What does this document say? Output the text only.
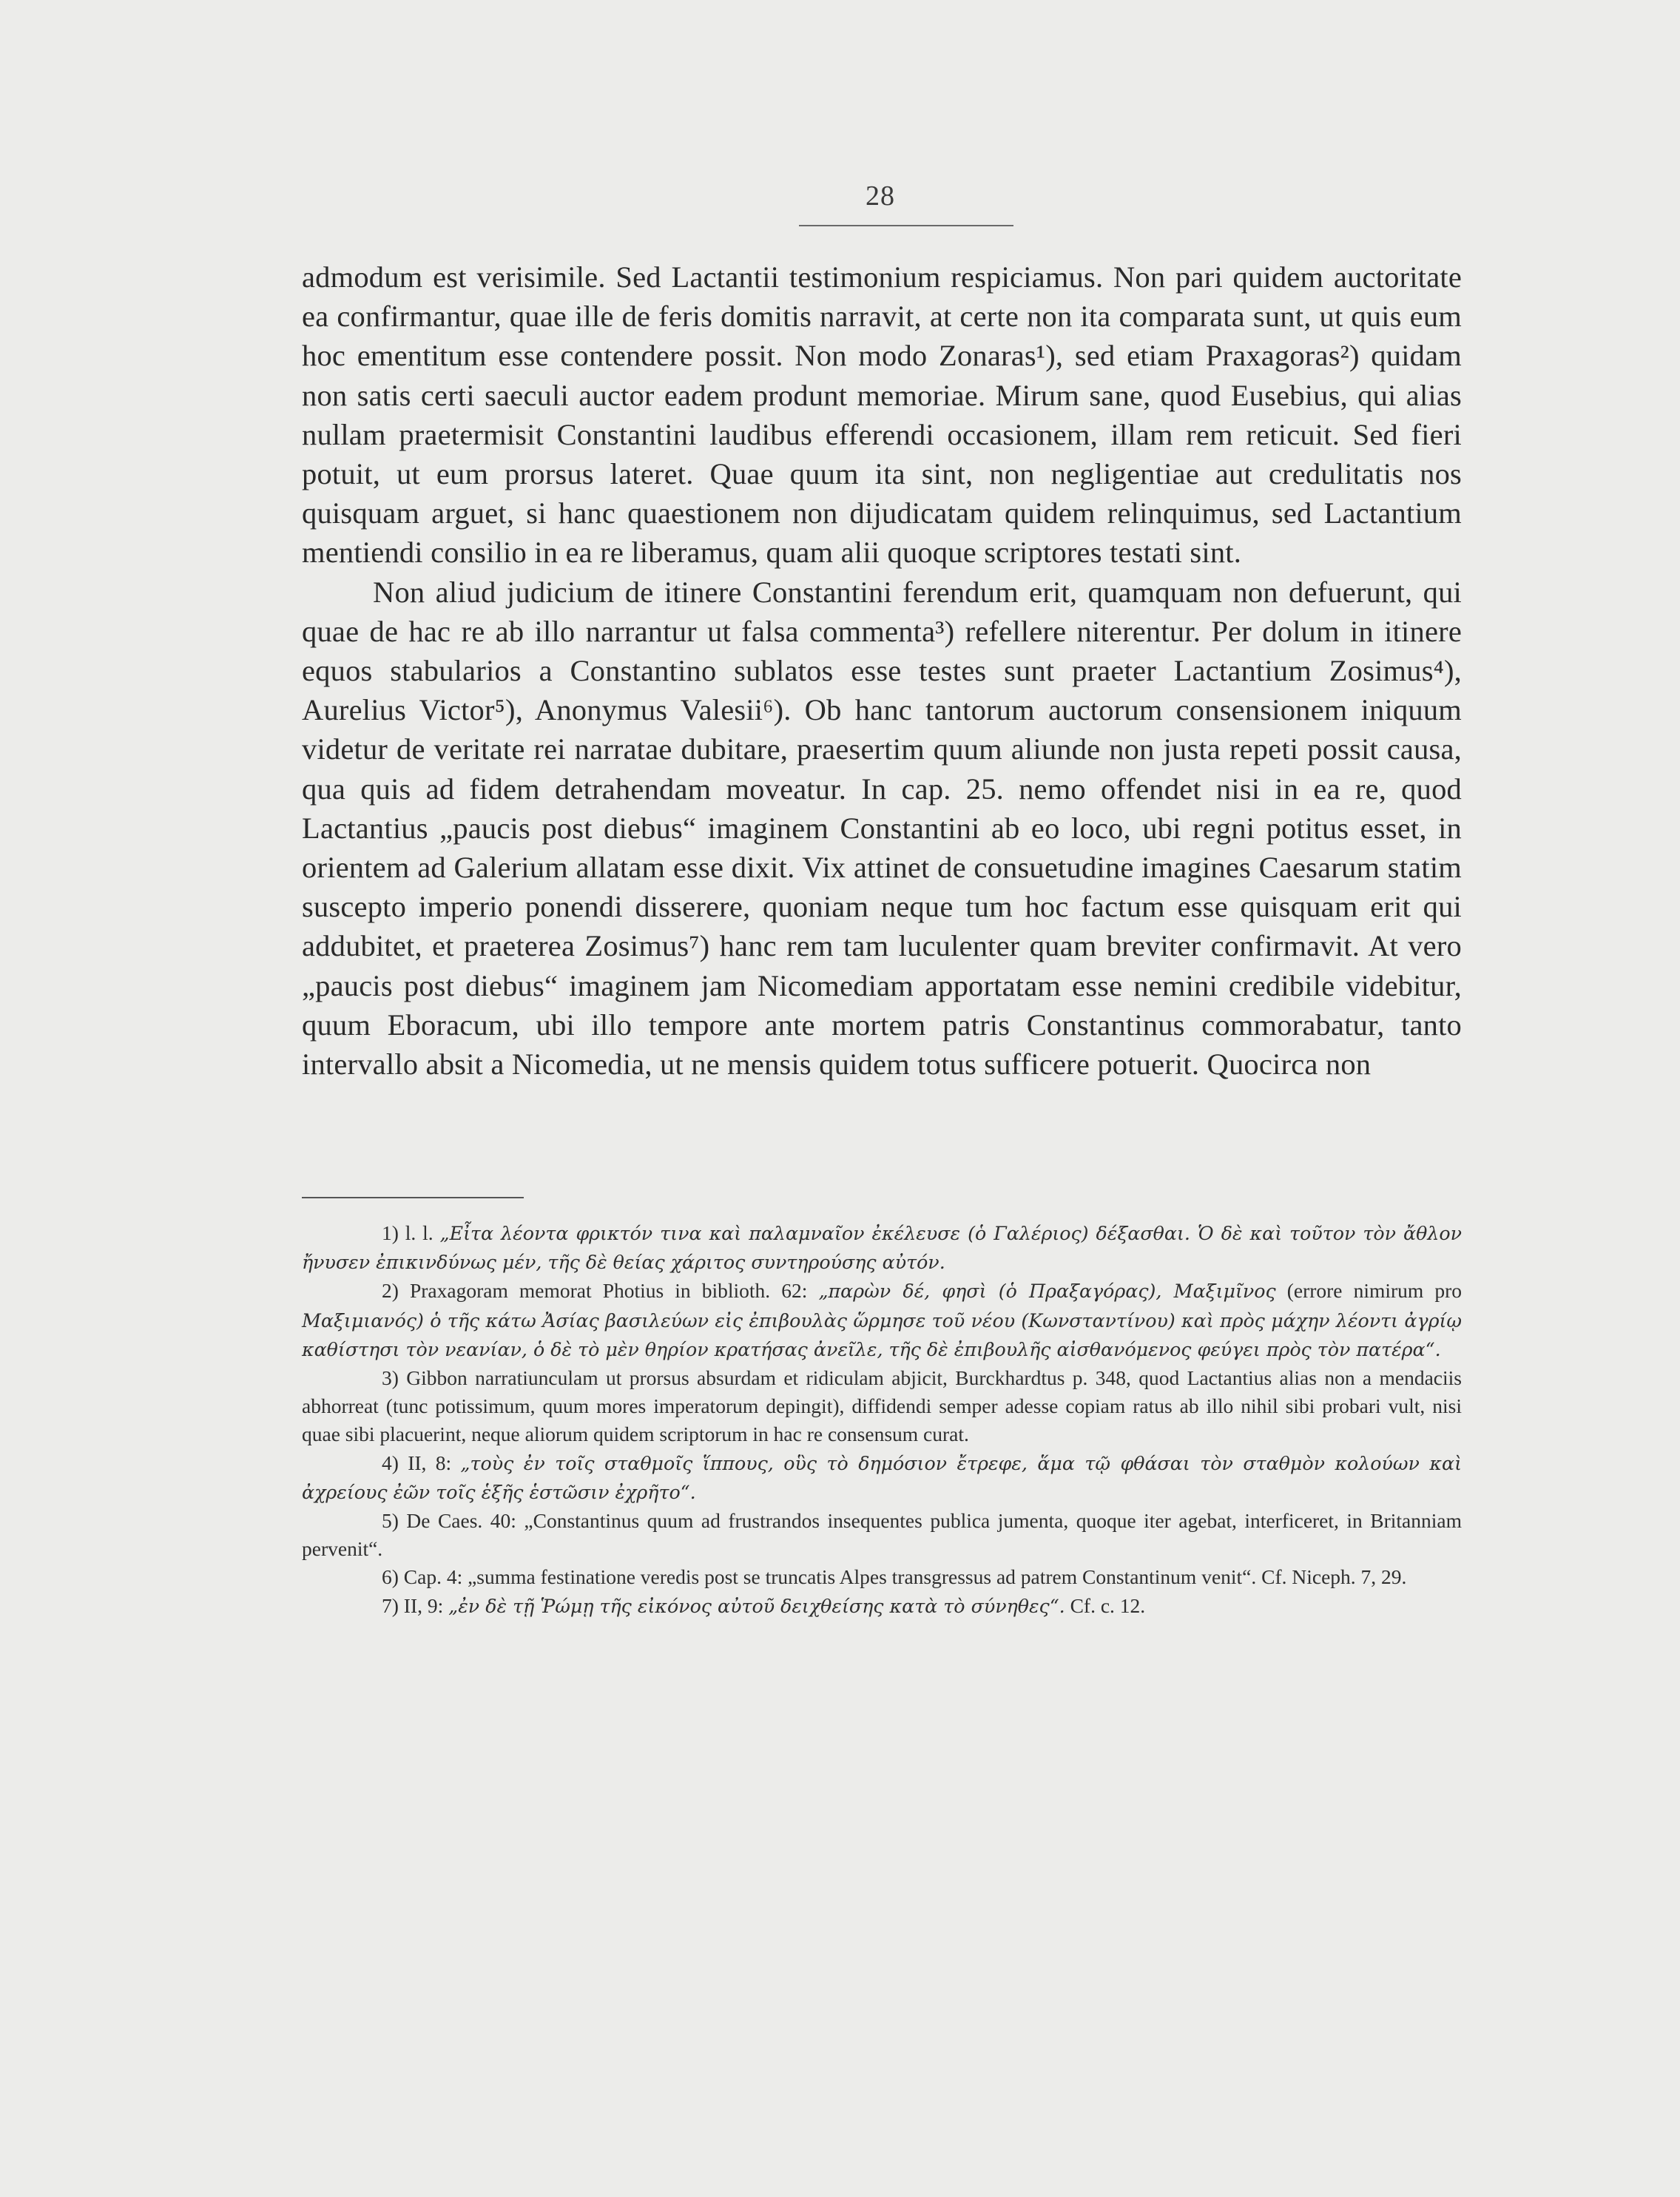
28

admodum est verisimile. Sed Lactantii testimonium respiciamus. Non pari quidem auctoritate ea confirmantur, quae ille de feris domitis narravit, at certe non ita comparata sunt, ut quis eum hoc ementitum esse contendere possit. Non modo Zonaras¹), sed etiam Praxagoras²) quidam non satis certi saeculi auctor eadem produnt memoriae. Mirum sane, quod Eusebius, qui alias nullam praetermisit Constantini laudibus efferendi occasionem, illam rem reticuit. Sed fieri potuit, ut eum prorsus lateret. Quae quum ita sint, non negligentiae aut credulitatis nos quisquam arguet, si hanc quaestionem non dijudicatam quidem relinquimus, sed Lactantium mentiendi consilio in ea re liberamus, quam alii quoque scriptores testati sint.

Non aliud judicium de itinere Constantini ferendum erit, quamquam non defuerunt, qui quae de hac re ab illo narrantur ut falsa commenta³) refellere niterentur. Per dolum in itinere equos stabularios a Constantino sublatos esse testes sunt praeter Lactantium Zosimus⁴), Aurelius Victor⁵), Anonymus Valesii⁶). Ob hanc tantorum auctorum consensionem iniquum videtur de veritate rei narratae dubitare, praesertim quum aliunde non justa repeti possit causa, qua quis ad fidem detrahendam moveatur. In cap. 25. nemo offendet nisi in ea re, quod Lactantius „paucis post diebus“ imaginem Constantini ab eo loco, ubi regni potitus esset, in orientem ad Galerium allatam esse dixit. Vix attinet de consuetudine imagines Caesarum statim suscepto imperio ponendi disserere, quoniam neque tum hoc factum esse quisquam erit qui addubitet, et praeterea Zosimus⁷) hanc rem tam luculenter quam breviter confirmavit. At vero „paucis post diebus“ imaginem jam Nicomediam apportatam esse nemini credibile videbitur, quum Eboracum, ubi illo tempore ante mortem patris Constantinus commorabatur, tanto intervallo absit a Nicomedia, ut ne mensis quidem totus sufficere potuerit. Quocirca non

1) l. l. „Εἶτα λέοντα φρικτόν τινα καὶ παλαμναῖον ἐκέλευσε (ὁ Γαλέριος) δέξασθαι. Ὁ δὲ καὶ τοῦτον τὸν ἄθλον ἤνυσεν ἐπικινδύνως μέν, τῆς δὲ θείας χάριτος συντηρούσης αὐτόν.

2) Praxagoram memorat Photius in biblioth. 62: „παρὼν δέ, φησὶ (ὁ Πραξαγόρας), Μαξιμῖνος (errore nimirum pro Μαξιμιανός) ὁ τῆς κάτω Ἀσίας βασιλεύων εἰς ἐπιβουλὰς ὥρμησε τοῦ νέου (Κωνσταντίνου) καὶ πρὸς μάχην λέοντι ἀγρίῳ καθίστησι τὸν νεανίαν, ὁ δὲ τὸ μὲν θηρίον κρατήσας ἀνεῖλε, τῆς δὲ ἐπιβουλῆς αἰσθανόμενος φεύγει πρὸς τὸν πατέρα“.

3) Gibbon narratiunculam ut prorsus absurdam et ridiculam abjicit, Burckhardtus p. 348, quod Lactantius alias non a mendaciis abhorreat (tunc potissimum, quum mores imperatorum depingit), diffidendi semper adesse copiam ratus ab illo nihil sibi probari vult, nisi quae sibi placuerint, neque aliorum quidem scriptorum in hac re consensum curat.

4) II, 8: „τοὺς ἐν τοῖς σταθμοῖς ἵππους, οὓς τὸ δημόσιον ἔτρεφε, ἅμα τῷ φθάσαι τὸν σταθμὸν κολούων καὶ ἀχρείους ἐῶν τοῖς ἑξῆς ἑστῶσιν ἐχρῆτο“.

5) De Caes. 40: „Constantinus quum ad frustrandos insequentes publica jumenta, quoque iter agebat, interficeret, in Britanniam pervenit“.

6) Cap. 4: „summa festinatione veredis post se truncatis Alpes transgressus ad patrem Constantinum venit“. Cf. Niceph. 7, 29.

7) II, 9: „ἐν δὲ τῇ Ῥώμῃ τῆς εἰκόνος αὐτοῦ δειχθείσης κατὰ τὸ σύνηθες“. Cf. c. 12.
